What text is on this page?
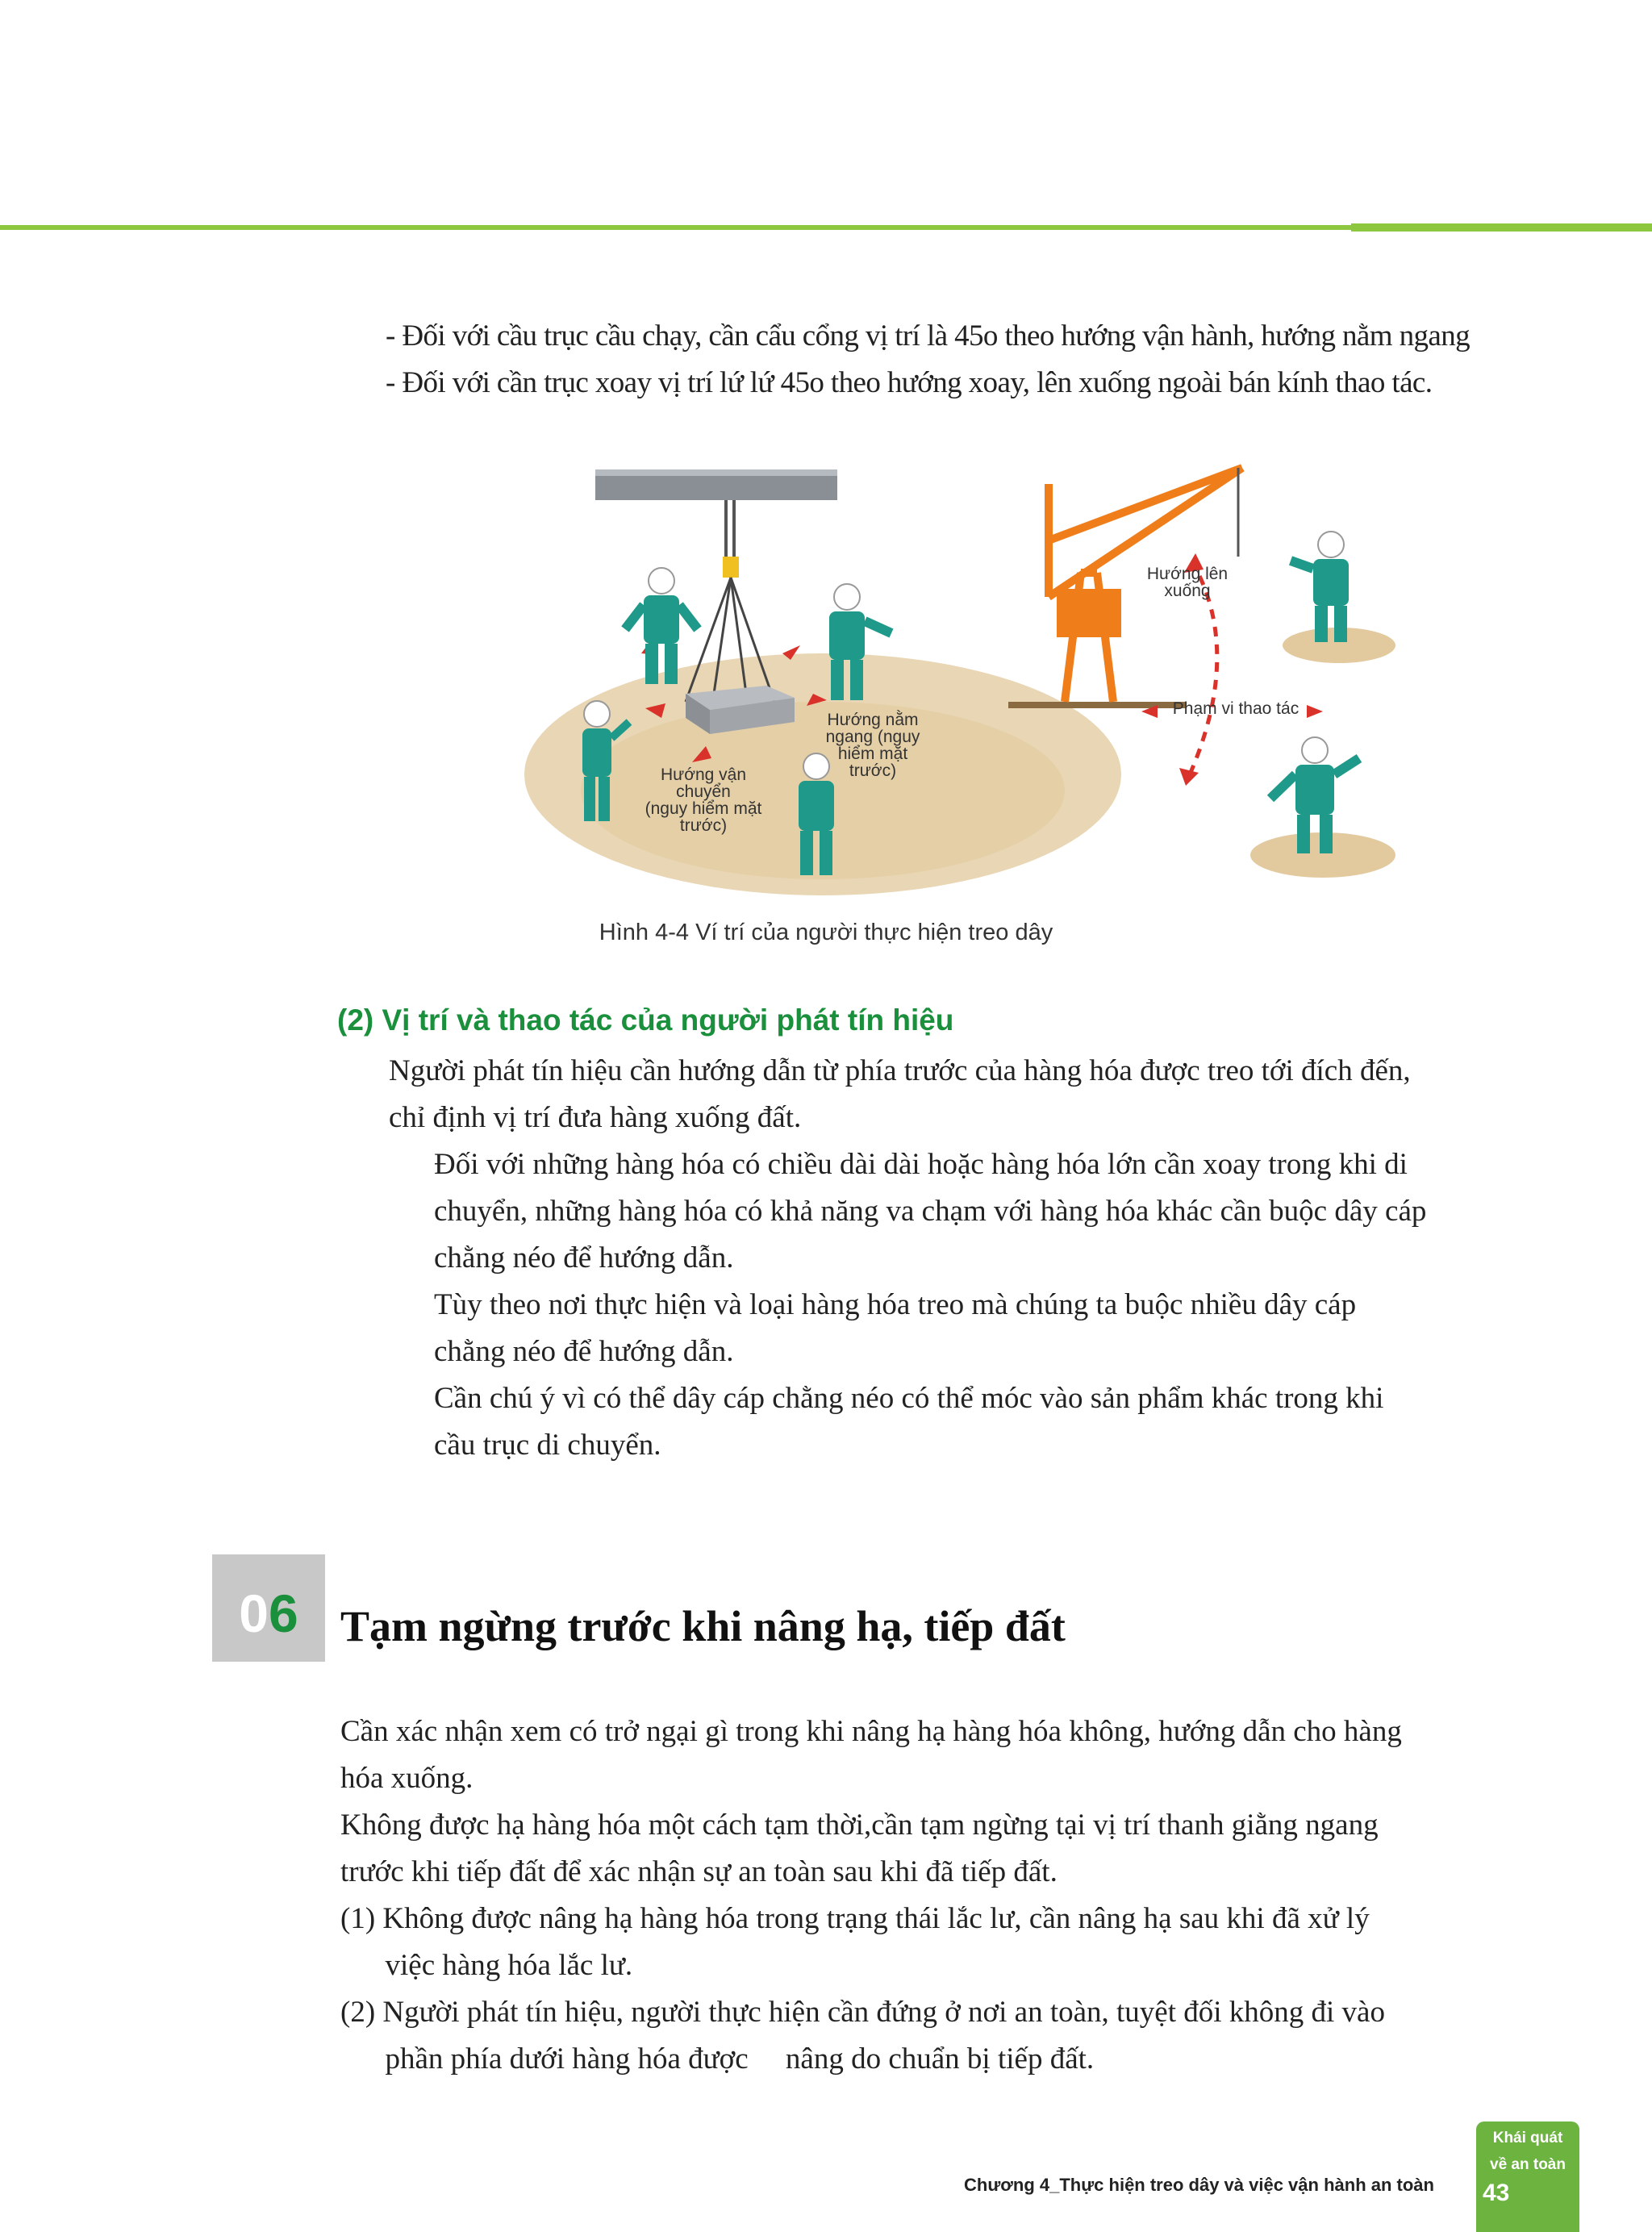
- Đối với cầu trục cầu chạy, cần cẩu cổng vị trí là 45o theo hướng vận hành, hướng nằm ngang
- Đối với cần trục xoay vị trí lứ lứ 45o theo hướng xoay, lên xuống ngoài bán kính thao tác.
Hướng vận
chuyển
(nguy hiểm mặt
trước)
Hướng nằm
ngang (nguy
hiểm mặt
trước)
Hướng lên
xuống
Phạm vi thao tác
Hình 4-4 Ví trí của người thực hiện treo dây
(2) Vị trí và thao tác của người phát tín hiệu
Người phát tín hiệu cần hướng dẫn từ phía trước của hàng hóa được treo tới đích đến,
chỉ định vị trí đưa hàng xuống đất.
Đối với những hàng hóa có chiều dài dài hoặc hàng hóa lớn cần xoay trong khi di
chuyển, những hàng hóa có khả năng va chạm với hàng hóa khác cần buộc dây cáp
chằng néo để hướng dẫn.
Tùy theo nơi thực hiện và loại hàng hóa treo mà chúng ta buộc nhiều dây cáp
chằng néo để hướng dẫn.
Cần chú ý vì có thể dây cáp chằng néo có thể móc vào sản phẩm khác trong khi
cầu trục di chuyển.
06 Tạm ngừng trước khi nâng hạ, tiếp đất
Cần xác nhận xem có trở ngại gì trong khi nâng hạ hàng hóa không, hướng dẫn cho hàng
hóa xuống.
Không được hạ hàng hóa một cách tạm thời,cần tạm ngừng tại vị trí thanh giằng ngang
trước khi tiếp đất để xác nhận sự an toàn sau khi đã tiếp đất.
(1) Không được nâng hạ hàng hóa trong trạng thái lắc lư, cần nâng hạ sau khi đã xử lý
việc hàng hóa lắc lư.
(2) Người phát tín hiệu, người thực hiện cần đứng ở nơi an toàn, tuyệt đối không đi vào
phần phía dưới hàng hóa được     nâng do chuẩn bị tiếp đất.
Chương 4_Thực hiện treo dây và việc vận hành an toàn
Khái quát
về an toàn
43
